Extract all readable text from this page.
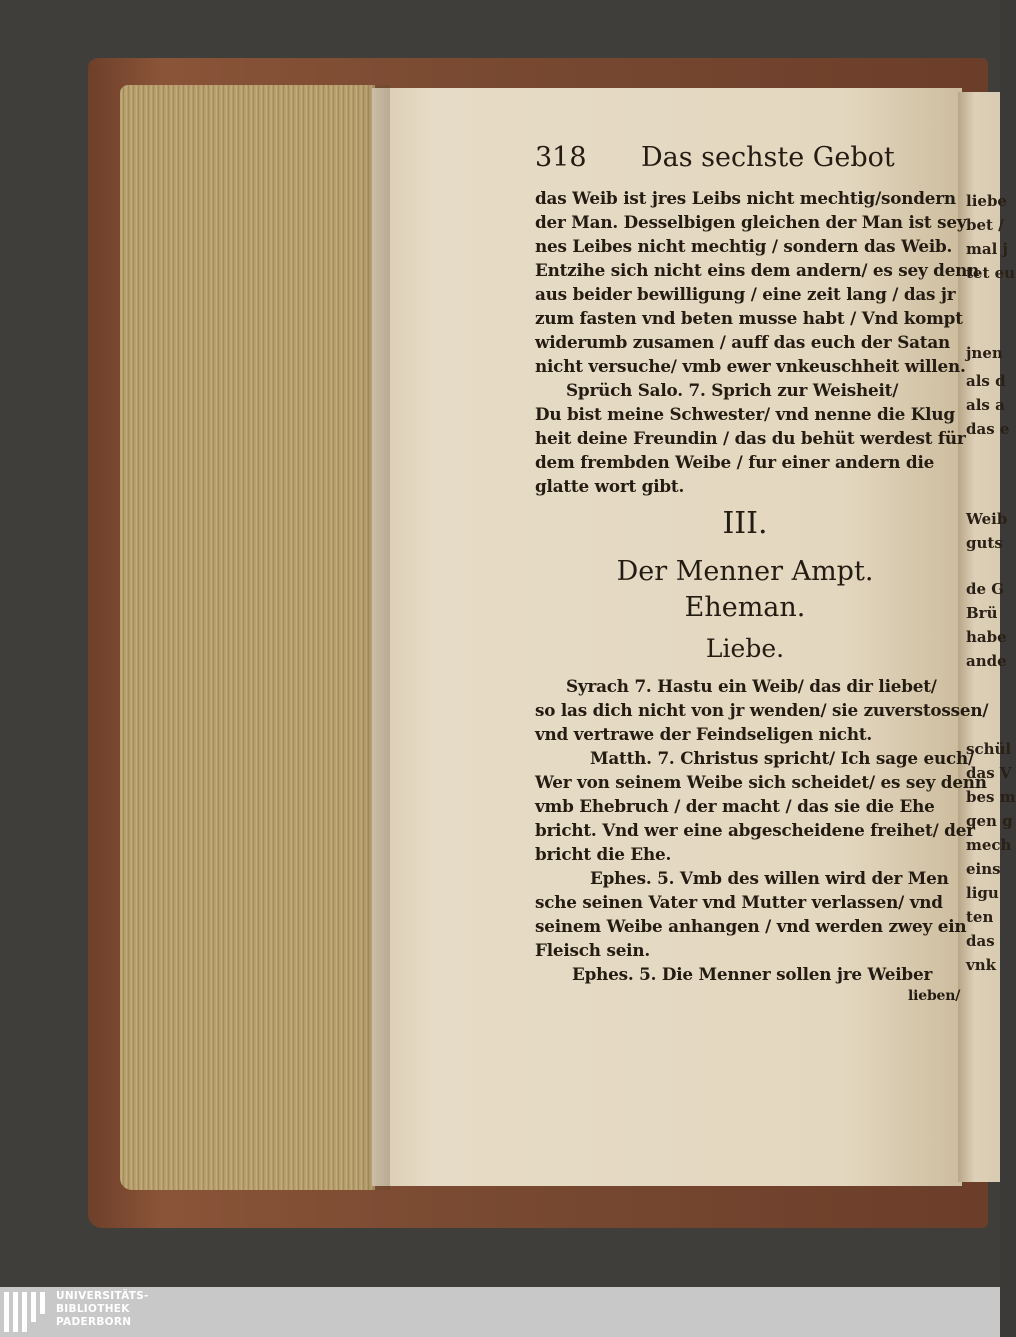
liebe
bet /
mal j
tet eu
jnen
als d
als a
das e
Weib
guts
de G
Brü
habe
ande
schül
das V
bes m
gen g
mech
eins
ligu
ten
das
vnk
318 Das sechste Gebot
das Weib ist jres Leibs nicht mechtig/sondern
der Man. Desselbigen gleichen der Man ist sey
nes Leibes nicht mechtig / sondern das Weib.
Entzihe sich nicht eins dem andern/ es sey denn
aus beider bewilligung / eine zeit lang / das jr
zum fasten vnd beten musse habt / Vnd kompt
widerumb zusamen / auff das euch der Satan
nicht versuche/ vmb ewer vnkeuschheit willen.
Sprüch Salo. 7. Sprich zur Weisheit/
Du bist meine Schwester/ vnd nenne die Klug
heit deine Freundin / das du behüt werdest für
dem frembden Weibe / fur einer andern die
glatte wort gibt.
III.
Der Menner Ampt.
Eheman.
Liebe.
Syrach 7. Hastu ein Weib/ das dir liebet/
so las dich nicht von jr wenden/ sie zuverstossen/
vnd vertrawe der Feindseligen nicht.
Matth. 7. Christus spricht/ Ich sage euch/
Wer von seinem Weibe sich scheidet/ es sey denn
vmb Ehebruch / der macht / das sie die Ehe
bricht. Vnd wer eine abgescheidene freihet/ der
bricht die Ehe.
Ephes. 5. Vmb des willen wird der Men
sche seinen Vater vnd Mutter verlassen/ vnd
seinem Weibe anhangen / vnd werden zwey ein
Fleisch sein.
Ephes. 5. Die Menner sollen jre Weiber
lieben/
UNIVERSITÄTS-
BIBLIOTHEK
PADERBORN
